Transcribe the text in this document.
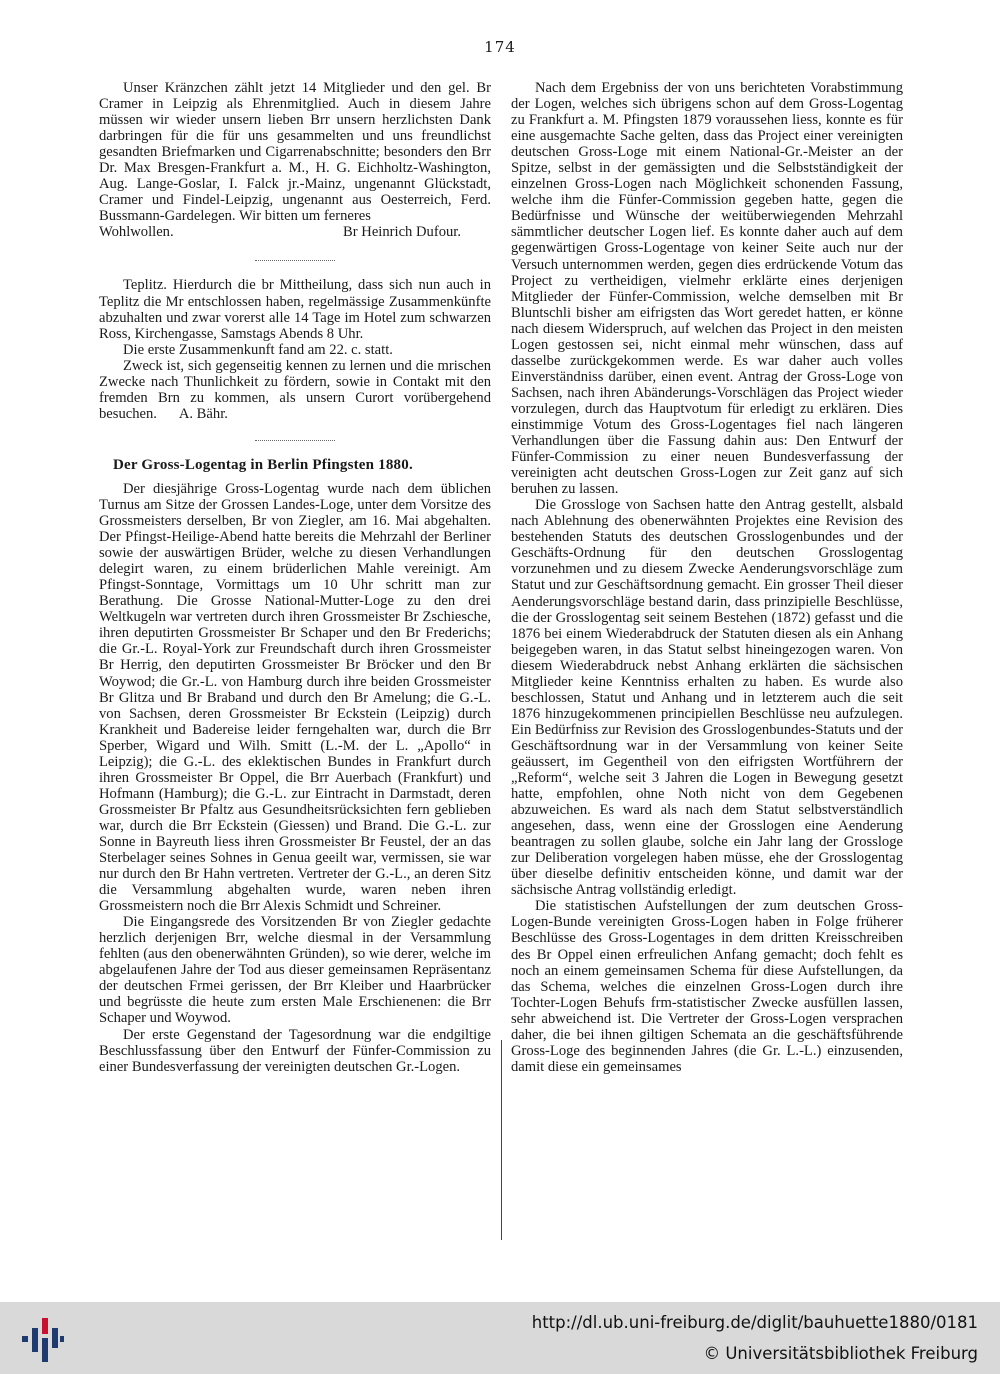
174

Unser Kränzchen zählt jetzt 14 Mitglieder und den gel. Br Cramer in Leipzig als Ehrenmitglied. Auch in diesem Jahre müssen wir wieder unsern lieben Brr unsern herzlichsten Dank darbringen für die für uns gesammelten und uns freundlichst gesandten Briefmarken und Cigarrenabschnitte; besonders den Brr Dr. Max Bresgen-Frankfurt a. M., H. G. Eichholtz-Washington, Aug. Lange-Goslar, I. Falck jr.-Mainz, ungenannt Glückstadt, Cramer und Findel-Leipzig, ungenannt aus Oesterreich, Ferd. Bussmann-Gardelegen. Wir bitten um ferneres

Wohlwollen.	Br Heinrich Dufour.

Teplitz. Hierdurch die br Mittheilung, dass sich nun auch in Teplitz die Mr entschlossen haben, regelmässige Zusammenkünfte abzuhalten und zwar vorerst alle 14 Tage im Hotel zum schwarzen Ross, Kirchengasse, Samstags Abends 8 Uhr.

Die erste Zusammenkunft fand am 22. c. statt.

Zweck ist, sich gegenseitig kennen zu lernen und die mrischen Zwecke nach Thunlichkeit zu fördern, sowie in Contakt mit den fremden Brn zu kommen, als unsern Curort vorübergehend besuchen. A. Bähr.

Der Gross-Logentag in Berlin Pfingsten 1880.

Der diesjährige Gross-Logentag wurde nach dem üblichen Turnus am Sitze der Grossen Landes-Loge, unter dem Vorsitze des Grossmeisters derselben, Br von Ziegler, am 16. Mai abgehalten. Der Pfingst-Heilige-Abend hatte bereits die Mehrzahl der Berliner sowie der auswärtigen Brüder, welche zu diesen Verhandlungen delegirt waren, zu einem brüderlichen Mahle vereinigt. Am Pfingst-Sonntage, Vormittags um 10 Uhr schritt man zur Berathung. Die Grosse National-Mutter-Loge zu den drei Weltkugeln war vertreten durch ihren Grossmeister Br Zschiesche, ihren deputirten Grossmeister Br Schaper und den Br Frederichs; die Gr.-L. Royal-York zur Freundschaft durch ihren Grossmeister Br Herrig, den deputirten Grossmeister Br Bröcker und den Br Woywod; die Gr.-L. von Hamburg durch ihre beiden Grossmeister Br Glitza und Br Braband und durch den Br Amelung; die G.-L. von Sachsen, deren Grossmeister Br Eckstein (Leipzig) durch Krankheit und Badereise leider ferngehalten war, durch die Brr Sperber, Wigard und Wilh. Smitt (L.-M. der L. „Apollo“ in Leipzig); die G.-L. des eklektischen Bundes in Frankfurt durch ihren Grossmeister Br Oppel, die Brr Auerbach (Frankfurt) und Hofmann (Hamburg); die G.-L. zur Eintracht in Darmstadt, deren Grossmeister Br Pfaltz aus Gesundheitsrücksichten fern geblieben war, durch die Brr Eckstein (Giessen) und Brand. Die G.-L. zur Sonne in Bayreuth liess ihren Grossmeister Br Feustel, der an das Sterbelager seines Sohnes in Genua geeilt war, vermissen, sie war nur durch den Br Hahn vertreten. Vertreter der G.-L., an deren Sitz die Versammlung abgehalten wurde, waren neben ihren Grossmeistern noch die Brr Alexis Schmidt und Schreiner.

Die Eingangsrede des Vorsitzenden Br von Ziegler gedachte herzlich derjenigen Brr, welche diesmal in der Versammlung fehlten (aus den obenerwähnten Gründen), so wie derer, welche im abgelaufenen Jahre der Tod aus dieser gemeinsamen Repräsentanz der deutschen Frmei gerissen, der Brr Kleiber und Haarbrücker und begrüsste die heute zum ersten Male Erschienenen: die Brr Schaper und Woywod.

Der erste Gegenstand der Tagesordnung war die endgiltige Beschlussfassung über den Entwurf der Fünfer-Commission zu einer Bundesverfassung der vereinigten deutschen Gr.-Logen.

Nach dem Ergebniss der von uns berichteten Vorabstimmung der Logen, welches sich übrigens schon auf dem Gross-Logentag zu Frankfurt a. M. Pfingsten 1879 voraussehen liess, konnte es für eine ausgemachte Sache gelten, dass das Project einer vereinigten deutschen Gross-Loge mit einem National-Gr.-Meister an der Spitze, selbst in der gemässigten und die Selbstständigkeit der einzelnen Gross-Logen nach Möglichkeit schonenden Fassung, welche ihm die Fünfer-Commission gegeben hatte, gegen die Bedürfnisse und Wünsche der weitüberwiegenden Mehrzahl sämmtlicher deutscher Logen lief. Es konnte daher auch auf dem gegenwärtigen Gross-Logentage von keiner Seite auch nur der Versuch unternommen werden, gegen dies erdrückende Votum das Project zu vertheidigen, vielmehr erklärte eines derjenigen Mitglieder der Fünfer-Commission, welche demselben mit Br Bluntschli bisher am eifrigsten das Wort geredet hatten, er könne nach diesem Widerspruch, auf welchen das Project in den meisten Logen gestossen sei, nicht einmal mehr wünschen, dass auf dasselbe zurückgekommen werde. Es war daher auch volles Einverständniss darüber, einen event. Antrag der Gross-Loge von Sachsen, nach ihren Abänderungs-Vorschlägen das Project wieder vorzulegen, durch das Hauptvotum für erledigt zu erklären. Dies einstimmige Votum des Gross-Logentages fiel nach längeren Verhandlungen über die Fassung dahin aus: Den Entwurf der Fünfer-Commission zu einer neuen Bundesverfassung der vereinigten acht deutschen Gross-Logen zur Zeit ganz auf sich beruhen zu lassen.

Die Grossloge von Sachsen hatte den Antrag gestellt, alsbald nach Ablehnung des obenerwähnten Projektes eine Revision des bestehenden Statuts des deutschen Grosslogenbundes und der Geschäfts-Ordnung für den deutschen Grosslogentag vorzunehmen und zu diesem Zwecke Aenderungsvorschläge zum Statut und zur Geschäftsordnung gemacht. Ein grosser Theil dieser Aenderungsvorschläge bestand darin, dass prinzipielle Beschlüsse, die der Grosslogentag seit seinem Bestehen (1872) gefasst und die 1876 bei einem Wiederabdruck der Statuten diesen als ein Anhang beigegeben waren, in das Statut selbst hineingezogen waren. Von diesem Wiederabdruck nebst Anhang erklärten die sächsischen Mitglieder keine Kenntniss erhalten zu haben. Es wurde also beschlossen, Statut und Anhang und in letzterem auch die seit 1876 hinzugekommenen principiellen Beschlüsse neu aufzulegen. Ein Bedürfniss zur Revision des Grosslogenbundes-Statuts und der Geschäftsordnung war in der Versammlung von keiner Seite geäussert, im Gegentheil von den eifrigsten Wortführern der „Reform“, welche seit 3 Jahren die Logen in Bewegung gesetzt hatte, empfohlen, ohne Noth nicht von dem Gegebenen abzuweichen. Es ward als nach dem Statut selbstverständlich angesehen, dass, wenn eine der Grosslogen eine Aenderung beantragen zu sollen glaube, solche ein Jahr lang der Grossloge zur Deliberation vorgelegen haben müsse, ehe der Grosslogentag über dieselbe definitiv entscheiden könne, und damit war der sächsische Antrag vollständig erledigt.

Die statistischen Aufstellungen der zum deutschen Gross-Logen-Bunde vereinigten Gross-Logen haben in Folge früherer Beschlüsse des Gross-Logentages in dem dritten Kreisschreiben des Br Oppel einen erfreulichen Anfang gemacht; doch fehlt es noch an einem gemeinsamen Schema für diese Aufstellungen, da das Schema, welches die einzelnen Gross-Logen durch ihre Tochter-Logen Behufs frm-statistischer Zwecke ausfüllen lassen, sehr abweichend ist. Die Vertreter der Gross-Logen versprachen daher, die bei ihnen giltigen Schemata an die geschäftsführende Gross-Loge des beginnenden Jahres (die Gr. L.-L.) einzusenden, damit diese ein gemeinsames

http://dl.ub.uni-freiburg.de/diglit/bauhuette1880/0181
© Universitätsbibliothek Freiburg
